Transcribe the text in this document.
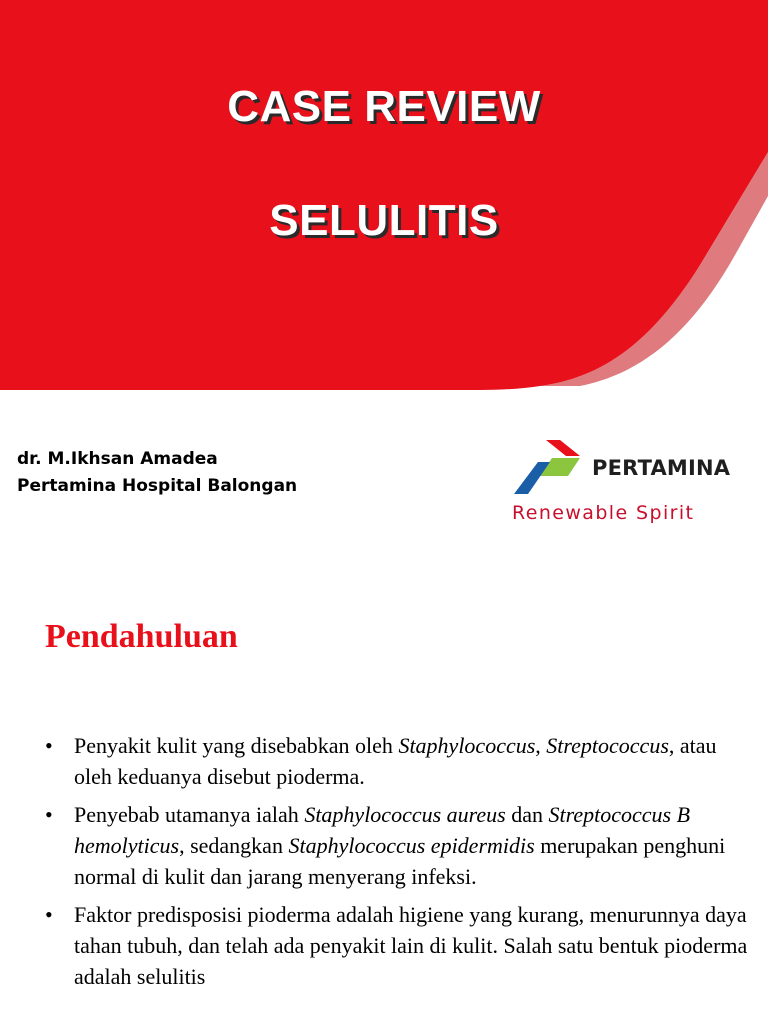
CASE REVIEW
SELULITIS
dr. M.Ikhsan Amadea
Pertamina Hospital Balongan
PERTAMINA
Renewable Spirit
Pendahuluan
• Penyakit kulit yang disebabkan oleh Staphylococcus, Streptococcus, atau oleh keduanya disebut pioderma.
• Penyebab utamanya ialah Staphylococcus aureus dan Streptococcus B hemolyticus, sedangkan Staphylococcus epidermidis merupakan penghuni normal di kulit dan jarang menyerang infeksi.
• Faktor predisposisi pioderma adalah higiene yang kurang, menurunnya daya tahan tubuh, dan telah ada penyakit lain di kulit. Salah satu bentuk pioderma adalah selulitis
